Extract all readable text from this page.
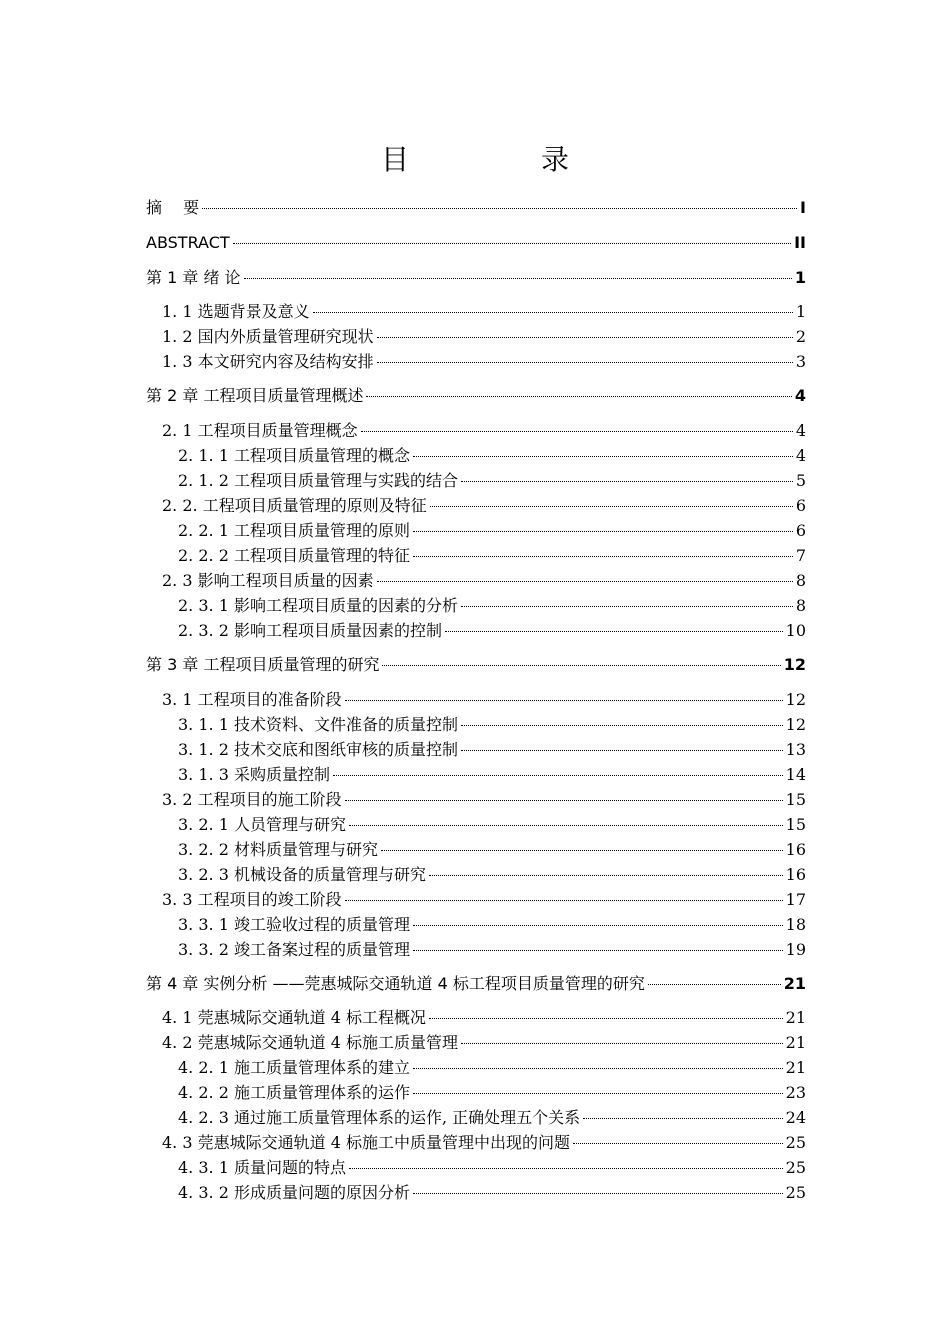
目　录
摘　 要	I
ABSTRACT	II
第 1 章 绪 论	1
1. 1 选题背景及意义	1
1. 2 国内外质量管理研究现状	2
1. 3 本文研究内容及结构安排	3
第 2 章 工程项目质量管理概述	4
2. 1 工程项目质量管理概念	4
2. 1. 1 工程项目质量管理的概念	4
2. 1. 2 工程项目质量管理与实践的结合	5
2. 2. 工程项目质量管理的原则及特征	6
2. 2. 1 工程项目质量管理的原则	6
2. 2. 2 工程项目质量管理的特征	7
2. 3 影响工程项目质量的因素	8
2. 3. 1 影响工程项目质量的因素的分析	8
2. 3. 2 影响工程项目质量因素的控制	10
第 3 章 工程项目质量管理的研究	12
3. 1 工程项目的准备阶段	12
3. 1. 1 技术资料、文件准备的质量控制	12
3. 1. 2 技术交底和图纸审核的质量控制	13
3. 1. 3 采购质量控制	14
3. 2 工程项目的施工阶段	15
3. 2. 1 人员管理与研究	15
3. 2. 2 材料质量管理与研究	16
3. 2. 3 机械设备的质量管理与研究	16
3. 3 工程项目的竣工阶段	17
3. 3. 1 竣工验收过程的质量管理	18
3. 3. 2 竣工备案过程的质量管理	19
第 4 章 实例分析 ——莞惠城际交通轨道 4 标工程项目质量管理的研究	21
4. 1 莞惠城际交通轨道 4 标工程概况	21
4. 2 莞惠城际交通轨道 4 标施工质量管理	21
4. 2. 1 施工质量管理体系的建立	21
4. 2. 2 施工质量管理体系的运作	23
4. 2. 3 通过施工质量管理体系的运作, 正确处理五个关系	24
4. 3 莞惠城际交通轨道 4 标施工中质量管理中出现的问题	25
4. 3. 1 质量问题的特点	25
4. 3. 2 形成质量问题的原因分析	25
